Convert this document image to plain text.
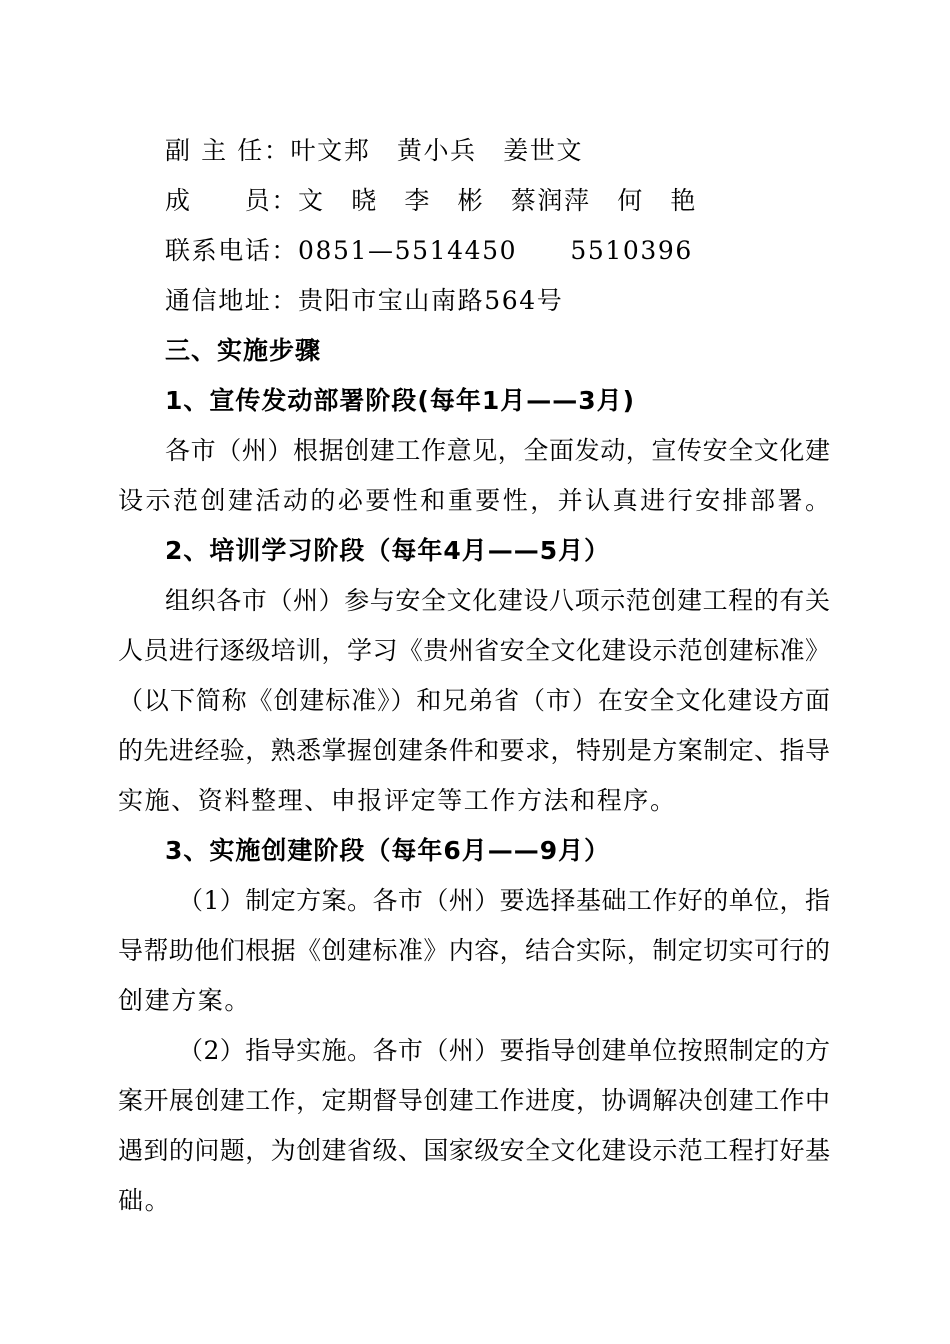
副 主 任：叶文邦　黄小兵　姜世文
成　　员：文　晓　李　彬　蔡润萍　何　艳
联系电话：0851—5514450　　5510396
通信地址：贵阳市宝山南路564号
三、实施步骤
1、宣传发动部署阶段(每年1月——3月)
各市（州）根据创建工作意见，全面发动，宣传安全文化建
设示范创建活动的必要性和重要性，并认真进行安排部署。
2、培训学习阶段（每年4月——5月）
组织各市（州）参与安全文化建设八项示范创建工程的有关
人员进行逐级培训，学习《贵州省安全文化建设示范创建标准》
（以下简称《创建标准》）和兄弟省（市）在安全文化建设方面
的先进经验，熟悉掌握创建条件和要求，特别是方案制定、指导
实施、资料整理、申报评定等工作方法和程序。
3、实施创建阶段（每年6月——9月）
（1）制定方案。各市（州）要选择基础工作好的单位，指
导帮助他们根据《创建标准》内容，结合实际，制定切实可行的
创建方案。
（2）指导实施。各市（州）要指导创建单位按照制定的方
案开展创建工作，定期督导创建工作进度，协调解决创建工作中
遇到的问题，为创建省级、国家级安全文化建设示范工程打好基
础。
